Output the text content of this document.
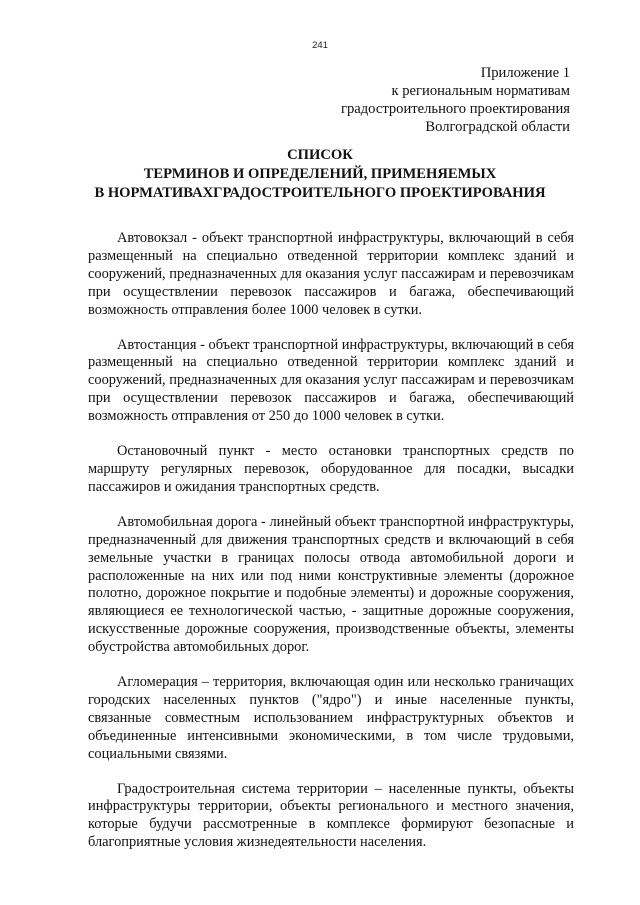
241
Приложение 1
к региональным нормативам
градостроительного проектирования
Волгоградской области
СПИСОК
ТЕРМИНОВ И ОПРЕДЕЛЕНИЙ, ПРИМЕНЯЕМЫХ
В НОРМАТИВАХГРАДОСТРОИТЕЛЬНОГО ПРОЕКТИРОВАНИЯ

Автовокзал - объект транспортной инфраструктуры, включающий в себя размещенный на специально отведенной территории комплекс зданий и сооружений, предназначенных для оказания услуг пассажирам и перевозчикам при осуществлении перевозок пассажиров и багажа, обеспечивающий возможность отправления более 1000 человек в сутки.

Автостанция - объект транспортной инфраструктуры, включающий в себя размещенный на специально отведенной территории комплекс зданий и сооружений, предназначенных для оказания услуг пассажирам и перевозчикам при осуществлении перевозок пассажиров и багажа, обеспечивающий возможность отправления от 250 до 1000 человек в сутки.

Остановочный пункт - место остановки транспортных средств по маршруту регулярных перевозок, оборудованное для посадки, высадки пассажиров и ожидания транспортных средств.

Автомобильная дорога - линейный объект транспортной инфраструктуры, предназначенный для движения транспортных средств и включающий в себя земельные участки в границах полосы отвода автомобильной дороги и расположенные на них или под ними конструктивные элементы (дорожное полотно, дорожное покрытие и подобные элементы) и дорожные сооружения, являющиеся ее технологической частью, - защитные дорожные сооружения, искусственные дорожные сооружения, производственные объекты, элементы обустройства автомобильных дорог.

Агломерация – территория, включающая один или несколько граничащих городских населенных пунктов ("ядро") и иные населенные пункты, связанные совместным использованием инфраструктурных объектов и объединенные интенсивными экономическими, в том числе трудовыми, социальными связями.

Градостроительная система территории – населенные пункты, объекты инфраструктуры территории, объекты регионального и местного значения, которые будучи рассмотренные в комплексе формируют безопасные и благоприятные условия жизнедеятельности населения.
